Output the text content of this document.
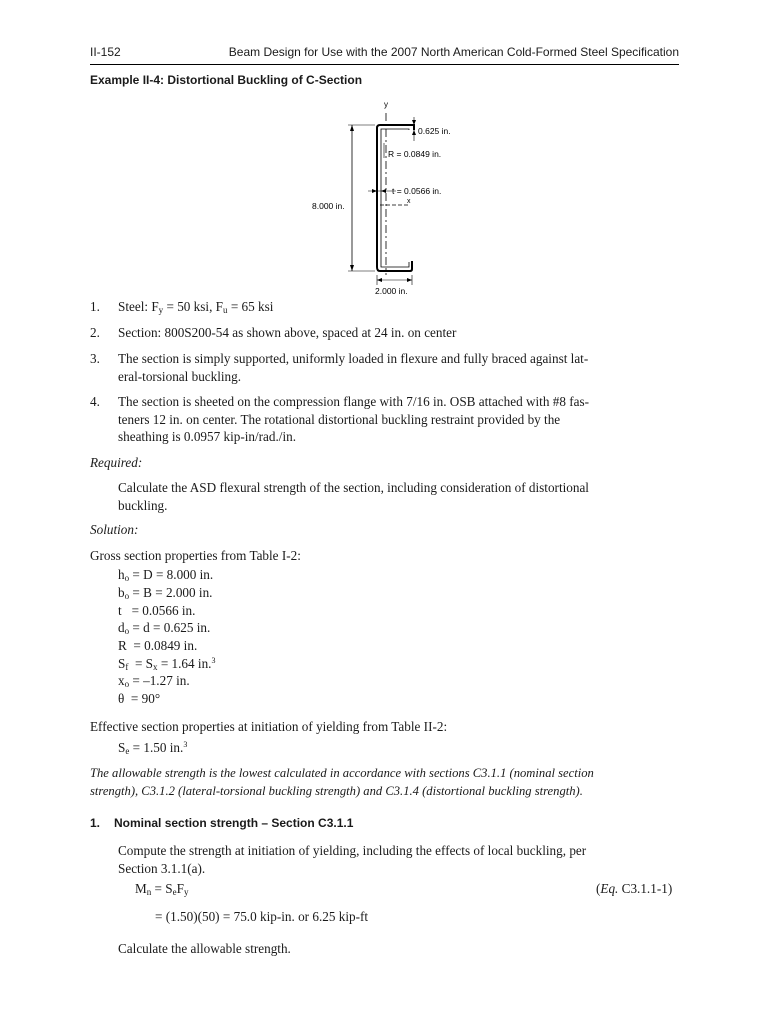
II-152	Beam Design for Use with the 2007 North American Cold-Formed Steel Specification
Example II-4: Distortional Buckling of C-Section
y
x
8.000 in.
0.625 in.
R = 0.0849 in.
t = 0.0566 in.
2.000 in.
1. Steel: $F_y = 50$ ksi, $F_u = 65$ ksi
2. Section: 800S200-54 as shown above, spaced at 24 in. on center
3. The section is simply supported, uniformly loaded in flexure and fully braced against lat-
eral-torsional buckling.
4. The section is sheeted on the compression flange with 7/16 in. OSB attached with #8 fas-
teners 12 in. on center. The rotational distortional buckling restraint provided by the
sheathing is 0.0957 kip-in/rad./in.
Required:
Calculate the ASD flexural strength of the section, including consideration of distortional
buckling.
Solution:
Gross section properties from Table I-2:
$h_o = D = 8.000$ in.
$b_o = B = 2.000$ in.
t   = 0.0566 in.
$d_o = d = 0.625$ in.
R  = 0.0849 in.
$S_f = S_x = 1.64$ in.$^3$
$x_o = -1.27$ in.
θ  = 90°
Effective section properties at initiation of yielding from Table II-2:
$S_e = 1.50$ in.$^3$
The allowable strength is the lowest calculated in accordance with sections C3.1.1 (nominal section
strength), C3.1.2 (lateral-torsional buckling strength) and C3.1.4 (distortional buckling strength).
1. Nominal section strength – Section C3.1.1
Compute the strength at initiation of yielding, including the effects of local buckling, per
Section 3.1.1(a).
$M_n = S_eF_y$	(Eq. C3.1.1-1)
= (1.50)(50) = 75.0 kip-in. or 6.25 kip-ft
Calculate the allowable strength.
